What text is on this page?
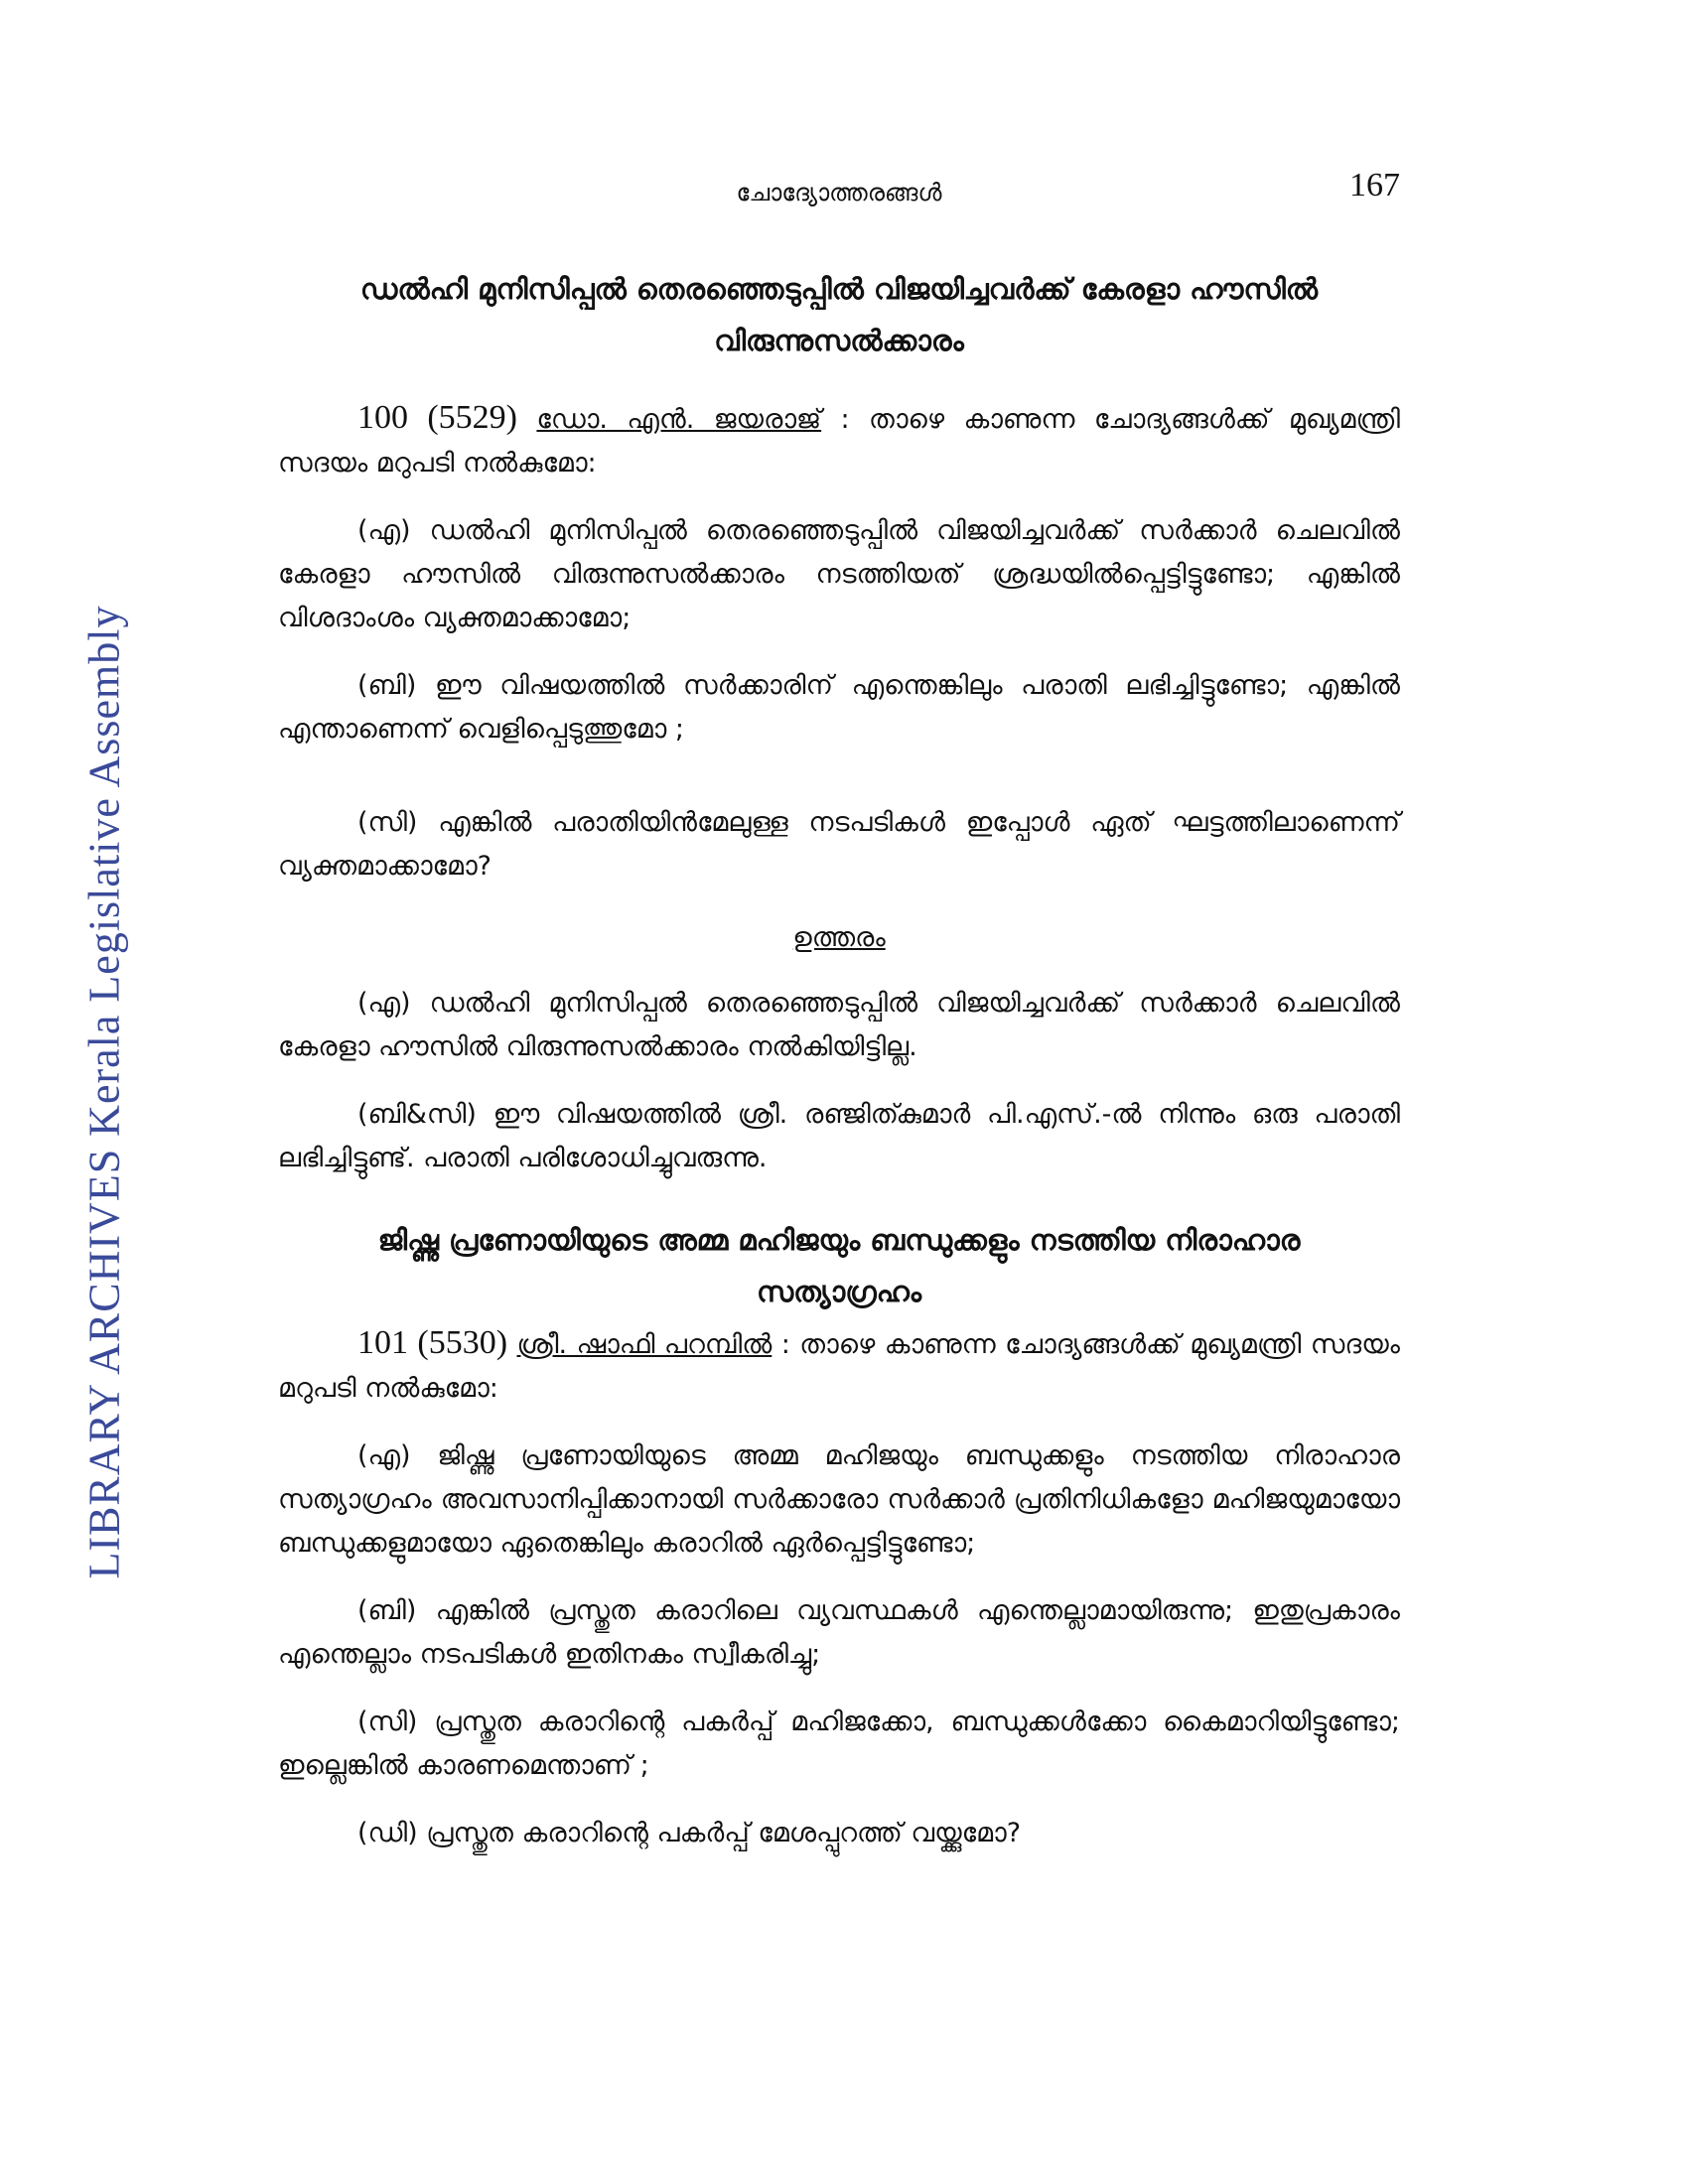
LIBRARY ARCHIVES Kerala Legislative Assembly
ചോദ്യോത്തരങ്ങൾ	167
ഡൽഹി മുനിസിപ്പൽ തെരഞ്ഞെടുപ്പിൽ വിജയിച്ചവർക്ക് കേരളാ ഹൗസിൽ വിരുന്നുസൽക്കാരം

100 (5529) ഡോ. എൻ. ജയരാജ് : താഴെ കാണുന്ന ചോദ്യങ്ങൾക്ക് മുഖ്യമന്ത്രി സദയം മറുപടി നൽകുമോ:

(എ) ഡൽഹി മുനിസിപ്പൽ തെരഞ്ഞെടുപ്പിൽ വിജയിച്ചവർക്ക് സർക്കാർ ചെലവിൽ കേരളാ ഹൗസിൽ വിരുന്നുസൽക്കാരം നടത്തിയത് ശ്രദ്ധയിൽപ്പെട്ടിട്ടുണ്ടോ; എങ്കിൽ വിശദാംശം വ്യക്തമാക്കാമോ;

(ബി) ഈ വിഷയത്തിൽ സർക്കാരിന് എന്തെങ്കിലും പരാതി ലഭിച്ചിട്ടുണ്ടോ; എങ്കിൽ എന്താണെന്ന് വെളിപ്പെടുത്തുമോ ;

(സി) എങ്കിൽ പരാതിയിൻമേലുള്ള നടപടികൾ ഇപ്പോൾ ഏത് ഘട്ടത്തിലാണെന്ന് വ്യക്തമാക്കാമോ?

ഉത്തരം

(എ) ഡൽഹി മുനിസിപ്പൽ തെരഞ്ഞെടുപ്പിൽ വിജയിച്ചവർക്ക് സർക്കാർ ചെലവിൽ കേരളാ ഹൗസിൽ വിരുന്നുസൽക്കാരം നൽകിയിട്ടില്ല.

(ബി&സി) ഈ വിഷയത്തിൽ ശ്രീ. രഞ്ജിത്കുമാർ പി.എസ്.-ൽ നിന്നും ഒരു പരാതി ലഭിച്ചിട്ടുണ്ട്. പരാതി പരിശോധിച്ചുവരുന്നു.

ജിഷ്ണു പ്രണോയിയുടെ അമ്മ മഹിജയും ബന്ധുക്കളും നടത്തിയ നിരാഹാര സത്യാഗ്രഹം

101 (5530) ശ്രീ. ഷാഫി പറമ്പിൽ : താഴെ കാണുന്ന ചോദ്യങ്ങൾക്ക് മുഖ്യമന്ത്രി സദയം മറുപടി നൽകുമോ:

(എ) ജിഷ്ണു പ്രണോയിയുടെ അമ്മ മഹിജയും ബന്ധുക്കളും നടത്തിയ നിരാഹാര സത്യാഗ്രഹം അവസാനിപ്പിക്കാനായി സർക്കാരോ സർക്കാർ പ്രതിനിധികളോ മഹിജയുമായോ ബന്ധുക്കളുമായോ ഏതെങ്കിലും കരാറിൽ ഏർപ്പെട്ടിട്ടുണ്ടോ;

(ബി) എങ്കിൽ പ്രസ്തുത കരാറിലെ വ്യവസ്ഥകൾ എന്തെല്ലാമായിരുന്നു; ഇതുപ്രകാരം എന്തെല്ലാം നടപടികൾ ഇതിനകം സ്വീകരിച്ചു;

(സി) പ്രസ്തുത കരാറിന്റെ പകർപ്പ് മഹിജക്കോ, ബന്ധുക്കൾക്കോ കൈമാറിയിട്ടുണ്ടോ; ഇല്ലെങ്കിൽ കാരണമെന്താണ് ;

(ഡി) പ്രസ്തുത കരാറിന്റെ പകർപ്പ് മേശപ്പുറത്ത് വയ്ക്കുമോ?
